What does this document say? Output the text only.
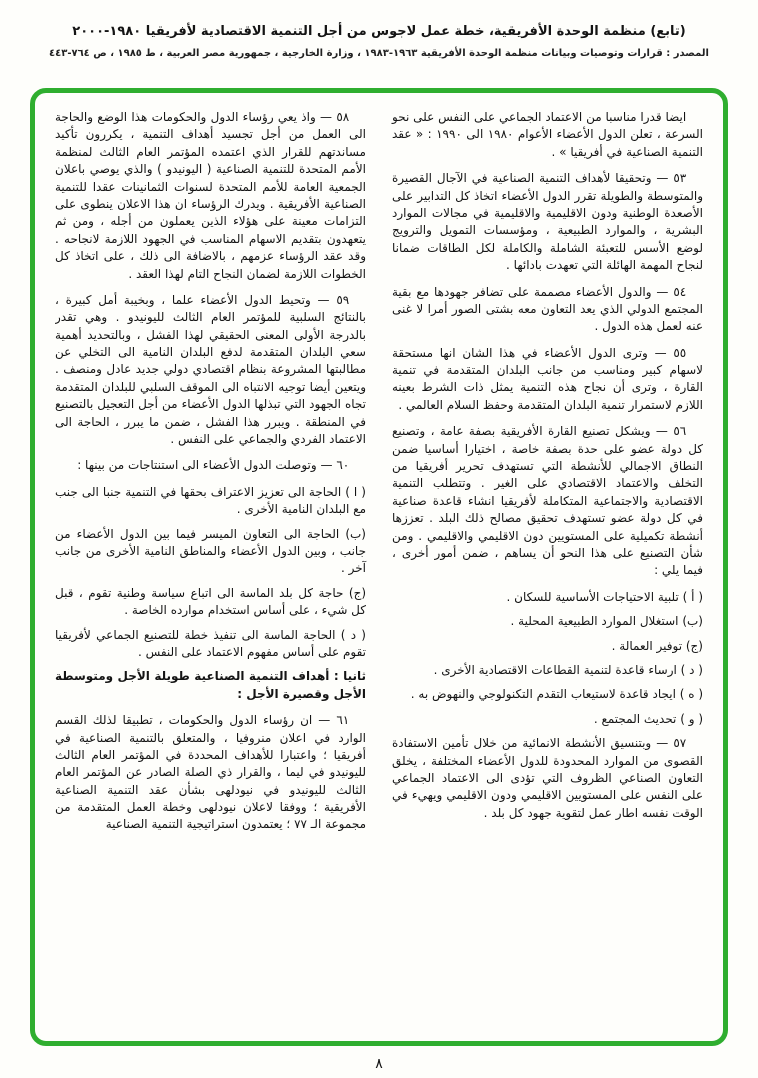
(تابع) منظمة الوحدة الأفريقية، خطة عمل لاجوس من أجل التنمية الاقتصادية لأفريقيا ١٩٨٠-٢٠٠٠
المصدر : قرارات وتوصيات وبيانات منظمة الوحدة الأفريقية ١٩٦٣-١٩٨٣ ، وزارة الخارجية ، جمهورية مصر العربية ، ط ١٩٨٥ ، ص ٧٦٤-٤٤٣

ايضا قدرا مناسبا من الاعتماد الجماعي على النفس على نحو السرعة ، تعلن الدول الأعضاء الأعوام ١٩٨٠ الى ١٩٩٠ : « عقد التنمية الصناعية في أفريقيا » .

٥٣ — وتحقيقا لأهداف التنمية الصناعية في الآجال القصيرة والمتوسطة والطويلة تقرر الدول الأعضاء اتخاذ كل التدابير على الأصعدة الوطنية ودون الاقليمية والاقليمية في مجالات الموارد البشرية ، والموارد الطبيعية ، ومؤسسات التمويل والترويج لوضع الأسس للتعبئة الشاملة والكاملة لكل الطاقات ضمانا لنجاح المهمة الهائلة التي تعهدت بادائها .

٥٤ — والدول الأعضاء مصممة على تضافر جهودها مع بقية المجتمع الدولي الذي يعد التعاون معه بشتى الصور أمرا لا غنى عنه لعمل هذه الدول .

٥٥ — وترى الدول الأعضاء في هذا الشان انها مستحقة لاسهام كبير ومناسب من جانب البلدان المتقدمة في تنمية القارة ، وترى أن نجاح هذه التنمية يمثل ذات الشرط بعينه اللازم لاستمرار تنمية البلدان المتقدمة وحفظ السلام العالمي .

٥٦ — ويشكل تصنيع القارة الأفريقية بصفة عامة ، وتصنيع كل دولة عضو على حدة بصفة خاصة ، اختيارا أساسيا ضمن النطاق الاجمالي للأنشطة التي تستهدف تحرير أفريقيا من التخلف والاعتماد الاقتصادي على الغير . وتتطلب التنمية الاقتصادية والاجتماعية المتكاملة لأفريقيا انشاء قاعدة صناعية في كل دولة عضو تستهدف تحقيق مصالح ذلك البلد . تعززها أنشطة تكميلية على المستويين دون الاقليمي والاقليمي . ومن شأن التصنيع على هذا النحو أن يساهم ، ضمن أمور أخرى ، فيما يلي :

( أ ) تلبية الاحتياجات الأساسية للسكان .

(ب) استغلال الموارد الطبيعية المحلية .

(ج) توفير العمالة .

( د ) ارساء قاعدة لتنمية القطاعات الاقتصادية الأخرى .

( ه ) ايجاد قاعدة لاستيعاب التقدم التكنولوجي والنهوض به .

( و ) تحديث المجتمع .

٥٧ — وبتنسيق الأنشطة الانمائية من خلال تأمين الاستفادة القصوى من الموارد المحدودة للدول الأعضاء المختلفة ، يخلق التعاون الصناعي الظروف التي تؤدى الى الاعتماد الجماعي على النفس على المستويين الاقليمي ودون الاقليمي ويهيء في الوقت نفسه اطار عمل لتقوية جهود كل بلد .

٥٨ — واذ يعي رؤساء الدول والحكومات هذا الوضع والحاجة الى العمل من أجل تجسيد أهداف التنمية ، يكررون تأكيد مساندتهم للقرار الذي اعتمده المؤتمر العام الثالث لمنظمة الأمم المتحدة للتنمية الصناعية ( اليونيدو ) والذي يوصي باعلان الجمعية العامة للأمم المتحدة لسنوات الثمانينات عقدا للتنمية الصناعية الأفريقية . ويدرك الرؤساء ان هذا الاعلان ينطوى على التزامات معينة على هؤلاء الذين يعملون من أجله ، ومن ثم يتعهدون بتقديم الاسهام المناسب في الجهود اللازمة لانجاحه . وقد عقد الرؤساء عزمهم ، بالاضافة الى ذلك ، على اتخاذ كل الخطوات اللازمة لضمان النجاح التام لهذا العقد .

٥٩ — وتحيط الدول الأعضاء علما ، وبخيبة أمل كبيرة ، بالنتائج السلبية للمؤتمر العام الثالث لليونيدو . وهي تقدر بالدرجة الأولى المعنى الحقيقي لهذا الفشل ، وبالتحديد أهمية سعي البلدان المتقدمة لدفع البلدان النامية الى التخلي عن مطالبتها المشروعة بنظام اقتصادي دولي جديد عادل ومنصف . ويتعين أيضا توجيه الانتباه الى الموقف السلبي للبلدان المتقدمة تجاه الجهود التي تبذلها الدول الأعضاء من أجل التعجيل بالتصنيع في المنطقة . ويبرر هذا الفشل ، ضمن ما يبرر ، الحاجة الى الاعتماد الفردي والجماعي على النفس .

٦٠ — وتوصلت الدول الأعضاء الى استنتاجات من بينها :

( ا ) الحاجة الى تعزيز الاعتراف بحقها في التنمية جنبا الى جنب مع البلدان النامية الأخرى .

(ب) الحاجة الى التعاون الميسر فيما بين الدول الأعضاء من جانب ، وبين الدول الأعضاء والمناطق النامية الأخرى من جانب آخر .

(ج) حاجة كل بلد الماسة الى اتباع سياسة وطنية تقوم ، قبل كل شيء ، على أساس استخدام موارده الخاصة .

( د ) الحاجة الماسة الى تنفيذ خطة للتصنيع الجماعي لأفريقيا تقوم على أساس مفهوم الاعتماد على النفس .

ثانيا : أهداف التنمية الصناعية طويلة الأجل ومتوسطة الأجل وقصيرة الأجل :

٦١ — ان رؤساء الدول والحكومات ، تطبيقا لذلك القسم الوارد في اعلان منروفيا ، والمتعلق بالتنمية الصناعية في أفريقيا ؛ واعتبارا للأهداف المحددة في المؤتمر العام الثالث لليونيدو في ليما ، والقرار ذي الصلة الصادر عن المؤتمر العام الثالث لليونيدو في نيودلهى بشأن عقد التنمية الصناعية الأفريقية ؛ ووفقا لاعلان نيودلهى وخطة العمل المتقدمة من مجموعة الـ ٧٧ ؛ يعتمدون استراتيجية التنمية الصناعية

٨
